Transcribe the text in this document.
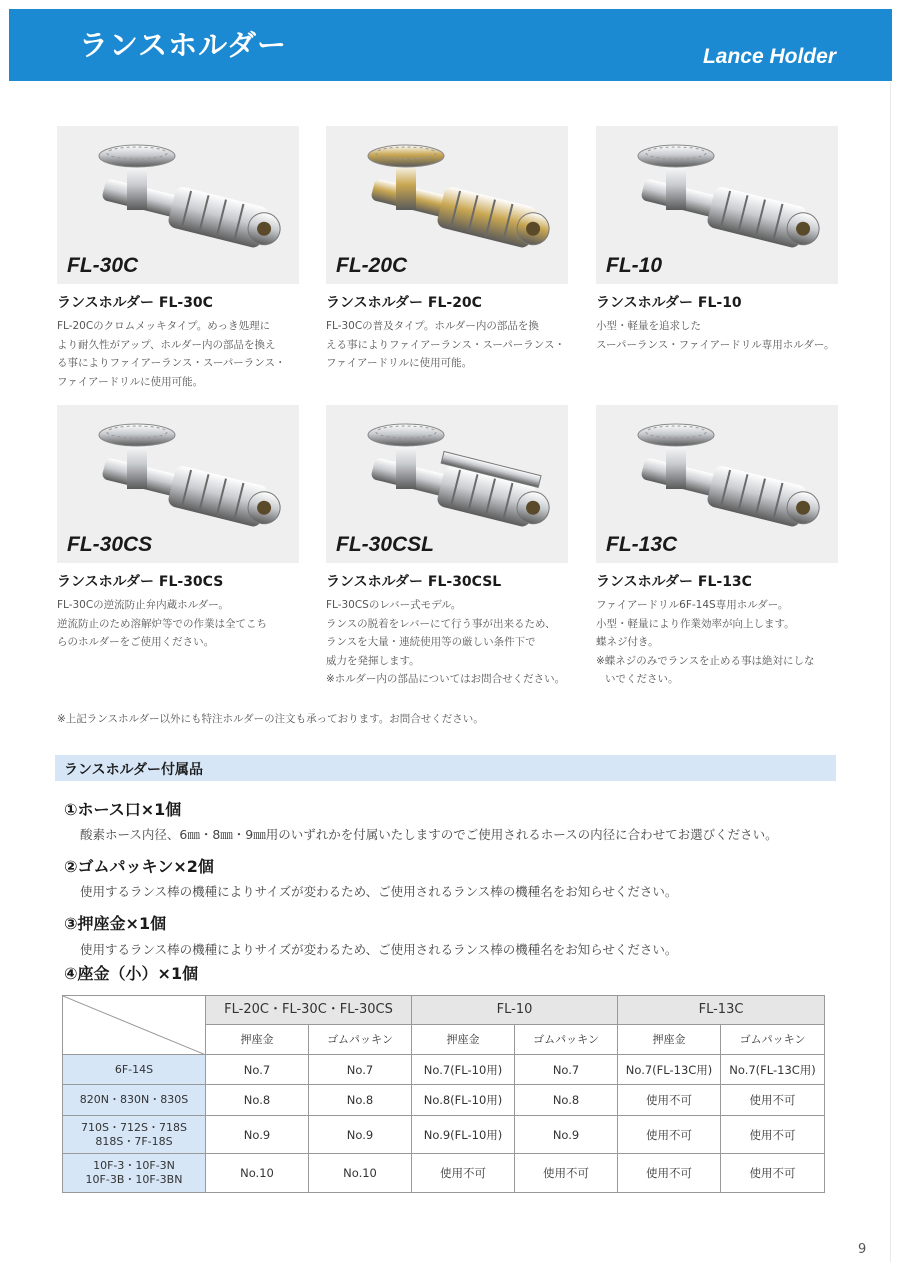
ランスホルダー	Lance Holder
FL-30C
ランスホルダー FL-30C
FL-20Cのクロムメッキタイプ。めっき処理に
より耐久性がアップ、ホルダー内の部品を換え
る事によりファイアーランス・スーパーランス・
ファイアードリルに使用可能。
FL-20C
ランスホルダー FL-20C
FL-30Cの普及タイプ。ホルダー内の部品を換
える事によりファイアーランス・スーパーランス・
ファイアードリルに使用可能。
FL-10
ランスホルダー FL-10
小型・軽量を追求した
スーパーランス・ファイアードリル専用ホルダー。
FL-30CS
ランスホルダー FL-30CS
FL-30Cの逆流防止弁内蔵ホルダー。
逆流防止のため溶解炉等での作業は全てこち
らのホルダーをご使用ください。
FL-30CSL
ランスホルダー FL-30CSL
FL-30CSのレバー式モデル。
ランスの脱着をレバーにて行う事が出来るため、
ランスを大量・連続使用等の厳しい条件下で
威力を発揮します。
※ホルダー内の部品についてはお問合せください。
FL-13C
ランスホルダー FL-13C
ファイアードリル6F-14S専用ホルダー。
小型・軽量により作業効率が向上します。
蝶ネジ付き。
※蝶ネジのみでランスを止める事は絶対にしな
いでください。
※上記ランスホルダー以外にも特注ホルダーの注文も承っております。お問合せください。
ランスホルダー付属品
①ホース口×1個
酸素ホース内径、6㎜・8㎜・9㎜用のいずれかを付属いたしますのでご使用されるホースの内径に合わせてお選びください。
②ゴムパッキン×2個
使用するランス棒の機種によりサイズが変わるため、ご使用されるランス棒の機種名をお知らせください。
③押座金×1個
使用するランス棒の機種によりサイズが変わるため、ご使用されるランス棒の機種名をお知らせください。
④座金（小）×1個
	FL-20C・FL-30C・FL-30CS		FL-10		FL-13C	
	押座金	ゴムパッキン	押座金	ゴムパッキン	押座金	ゴムパッキン

6F-14S	No.7	No.7	No.7(FL-10用)	No.7	No.7(FL-13C用)	No.7(FL-13C用)

820N・830N・830S	No.8	No.8	No.8(FL-10用)	No.8	使用不可	使用不可

710S・712S・718S
818S・7F-18S	No.9	No.9	No.9(FL-10用)	No.9	使用不可	使用不可

10F-3・10F-3N
10F-3B・10F-3BN	No.10	No.10	使用不可	使用不可	使用不可	使用不可
9
